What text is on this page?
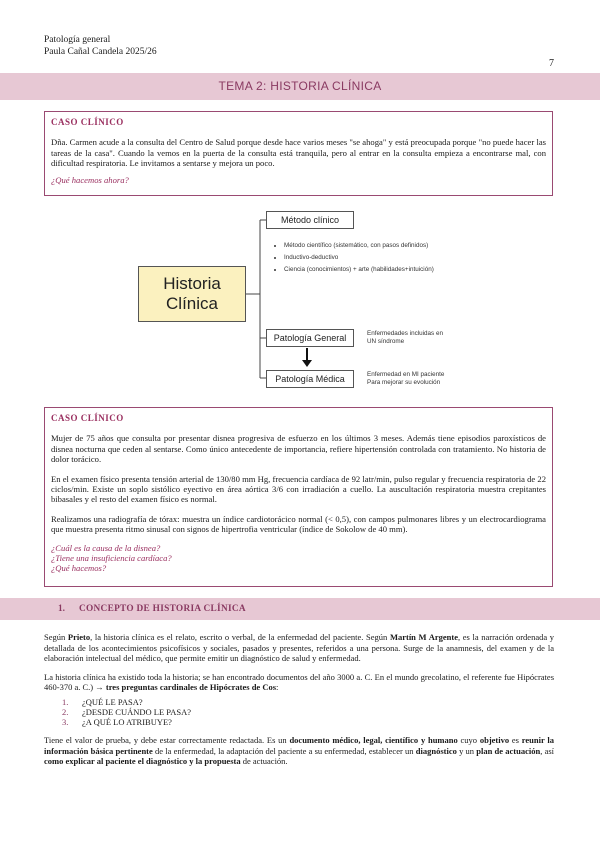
Patología general
Paula Cañal Candela 2025/26
7
TEMA 2: HISTORIA CLÍNICA
CASO CLÍNICO

Dña. Carmen acude a la consulta del Centro de Salud porque desde hace varios meses "se ahoga" y está preocupada porque "no puede hacer las tareas de la casa". Cuando la vemos en la puerta de la consulta está tranquila, pero al entrar en la consulta empieza a encontrarse mal, con dificultad respiratoria. Le invitamos a sentarse y mejora un poco.

¿Qué hacemos ahora?
Historia
Clínica
Método clínico
• Método científico (sistemático, con pasos definidos)
• Inductivo-deductivo
• Ciencia (conocimientos) + arte (habilidades+intuición)
Patología General	Enfermedades incluidas en
UN síndrome
Patología Médica	Enfermedad en MI paciente
Para mejorar su evolución
CASO CLÍNICO

Mujer de 75 años que consulta por presentar disnea progresiva de esfuerzo en los últimos 3 meses. Además tiene episodios paroxísticos de disnea nocturna que ceden al sentarse. Como único antecedente de importancia, refiere hipertensión controlada con tratamiento. No historia de dolor torácico.

En el examen físico presenta tensión arterial de 130/80 mm Hg, frecuencia cardíaca de 92 latr/min, pulso regular y frecuencia respiratoria de 22 ciclos/min. Existe un soplo sistólico eyectivo en área aórtica 3/6 con irradiación a cuello. La auscultación respiratoria muestra crepitantes bibasales y el resto del examen físico es normal.

Realizamos una radiografía de tórax: muestra un índice cardiotorácico normal (< 0,5), con campos pulmonares libres y un electrocardiograma que muestra presenta ritmo sinusal con signos de hipertrofia ventricular (índice de Sokolow de 40 mm).

¿Cuál es la causa de la disnea?
¿Tiene una insuficiencia cardíaca?
¿Qué hacemos?
1. CONCEPTO DE HISTORIA CLÍNICA

Según Prieto, la historia clínica es el relato, escrito o verbal, de la enfermedad del paciente. Según Martín M Argente, es la narración ordenada y detallada de los acontecimientos psicofísicos y sociales, pasados y presentes, referidos a una persona. Surge de la anamnesis, del examen y de la elaboración intelectual del médico, que permite emitir un diagnóstico de salud y enfermedad.

La historia clínica ha existido toda la historia; se han encontrado documentos del año 3000 a. C. En el mundo grecolatino, el referente fue Hipócrates 460-370 a. C.) → tres preguntas cardinales de Hipócrates de Cos:

1. ¿QUÉ LE PASA?
2. ¿DESDE CUÁNDO LE PASA?
3. ¿A QUÉ LO ATRIBUYE?

Tiene el valor de prueba, y debe estar correctamente redactada. Es un documento médico, legal, científico y humano cuyo objetivo es reunir la información básica pertinente de la enfermedad, la adaptación del paciente a su enfermedad, establecer un diagnóstico y un plan de actuación, así como explicar al paciente el diagnóstico y la propuesta de actuación.
